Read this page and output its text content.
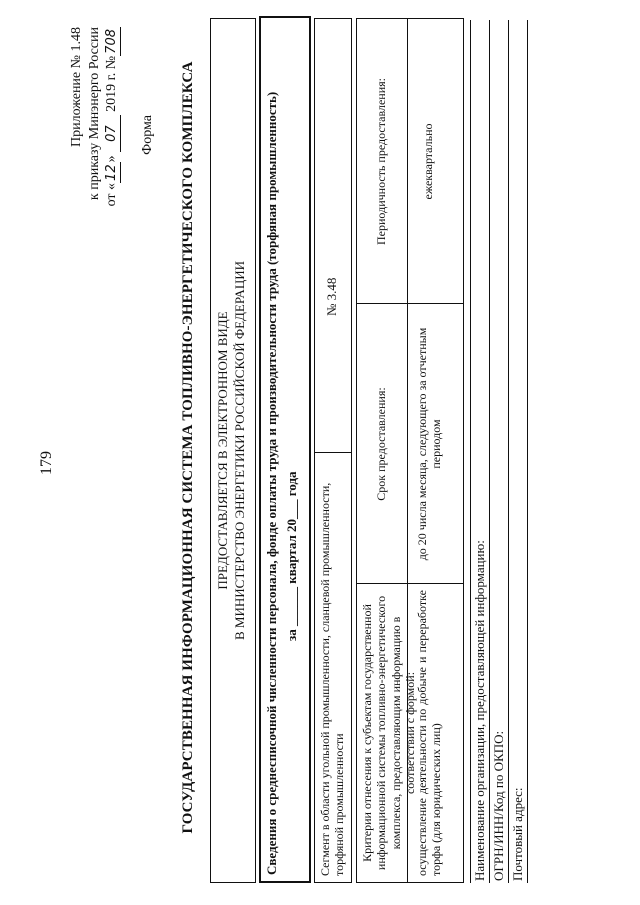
179
Приложение № 1.48 к приказу Минэнерго России от «12» 07 2019 г. №708
Форма ГОСУДАРСТВЕННАЯ ИНФОРМАЦИОННАЯ СИСТЕМА ТОПЛИВНО-ЭНЕРГЕТИЧЕСКОГО КОМПЛЕКСА ПРЕДОСТАВЛЯЕТСЯ В ЭЛЕКТРОННОМ ВИДЕ В МИНИСТЕРСТВО ЭНЕРГЕТИКИ РОССИЙСКОЙ ФЕДЕРАЦИИ Сведения о среднесписочной численности персонала, фонде оплаты труда и производительности труда (торфяная промышленность) за ______ квартал 20___ года Сегмент в области угольной промышленности, сланцевой промышленности, торфяной промышленности
№ 3.48
Критерии отнесения к субъектам государственной информационной системы топливно-энергетического комплекса, предоставляющим информацию в соответствии с формой:
Срок предоставления:
Периодичность предоставления:
осуществление деятельности по добыче и переработке торфа (для юридических лиц)
до 20 числа месяца, следующего за отчетным периодом
ежеквартально
Наименование организации, предоставляющей информацию: ОГРН/ИНН/Код по ОКПО: Почтовый адрес:
